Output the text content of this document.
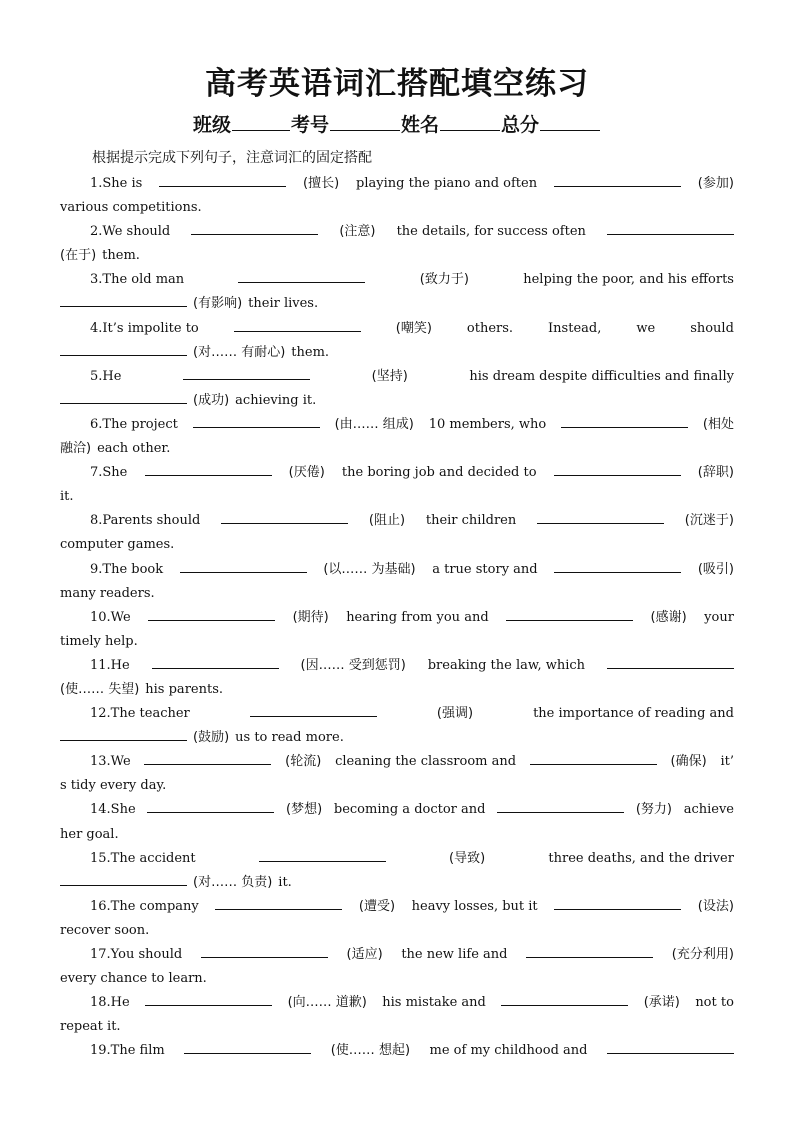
高考英语词汇搭配填空练习
班级	考号	姓名	总分
根据提示完成下列句子，注意词汇的固定搭配
1.She is	(擅长) playing the piano and often	(参加)
various competitions.
2.We should	(注意) the details, for success often
(在于) them.
3.The old man	(致力于)	helping the poor, and his efforts
(有影响) their lives.
4.It’s impolite to	(嘲笑)	others.	Instead,	we	should
(对…… 有耐心) them.
5.He	(坚持)	his dream despite difficulties and finally
(成功) achieving it.
6.The project	(由…… 组成) 10 members, who	(相处
融洽) each other.
7.She	(厌倦) the boring job and decided to	(辞职)
it.
8.Parents should	(阻止) their children	(沉迷于)
computer games.
9.The book	(以…… 为基础) a true story and	(吸引)
many readers.
10.We	(期待) hearing from you and	(感谢) your
timely help.
11.He	(因…… 受到惩罚) breaking the law, which
(使…… 失望) his parents.
12.The teacher	(强调)	the importance of reading and
(鼓励) us to read more.
13.We	(轮流) cleaning the classroom and	(确保) it’
s tidy every day.
14.She	(梦想) becoming a doctor and	(努力) achieve
her goal.
15.The accident	(导致)	three deaths, and the driver
(对…… 负责) it.
16.The company	(遭受) heavy losses, but it	(设法)
recover soon.
17.You should	(适应) the new life and	(充分利用)
every chance to learn.
18.He	(向…… 道歉) his mistake and	(承诺) not to
repeat it.
19.The film	(使…… 想起) me of my childhood and
